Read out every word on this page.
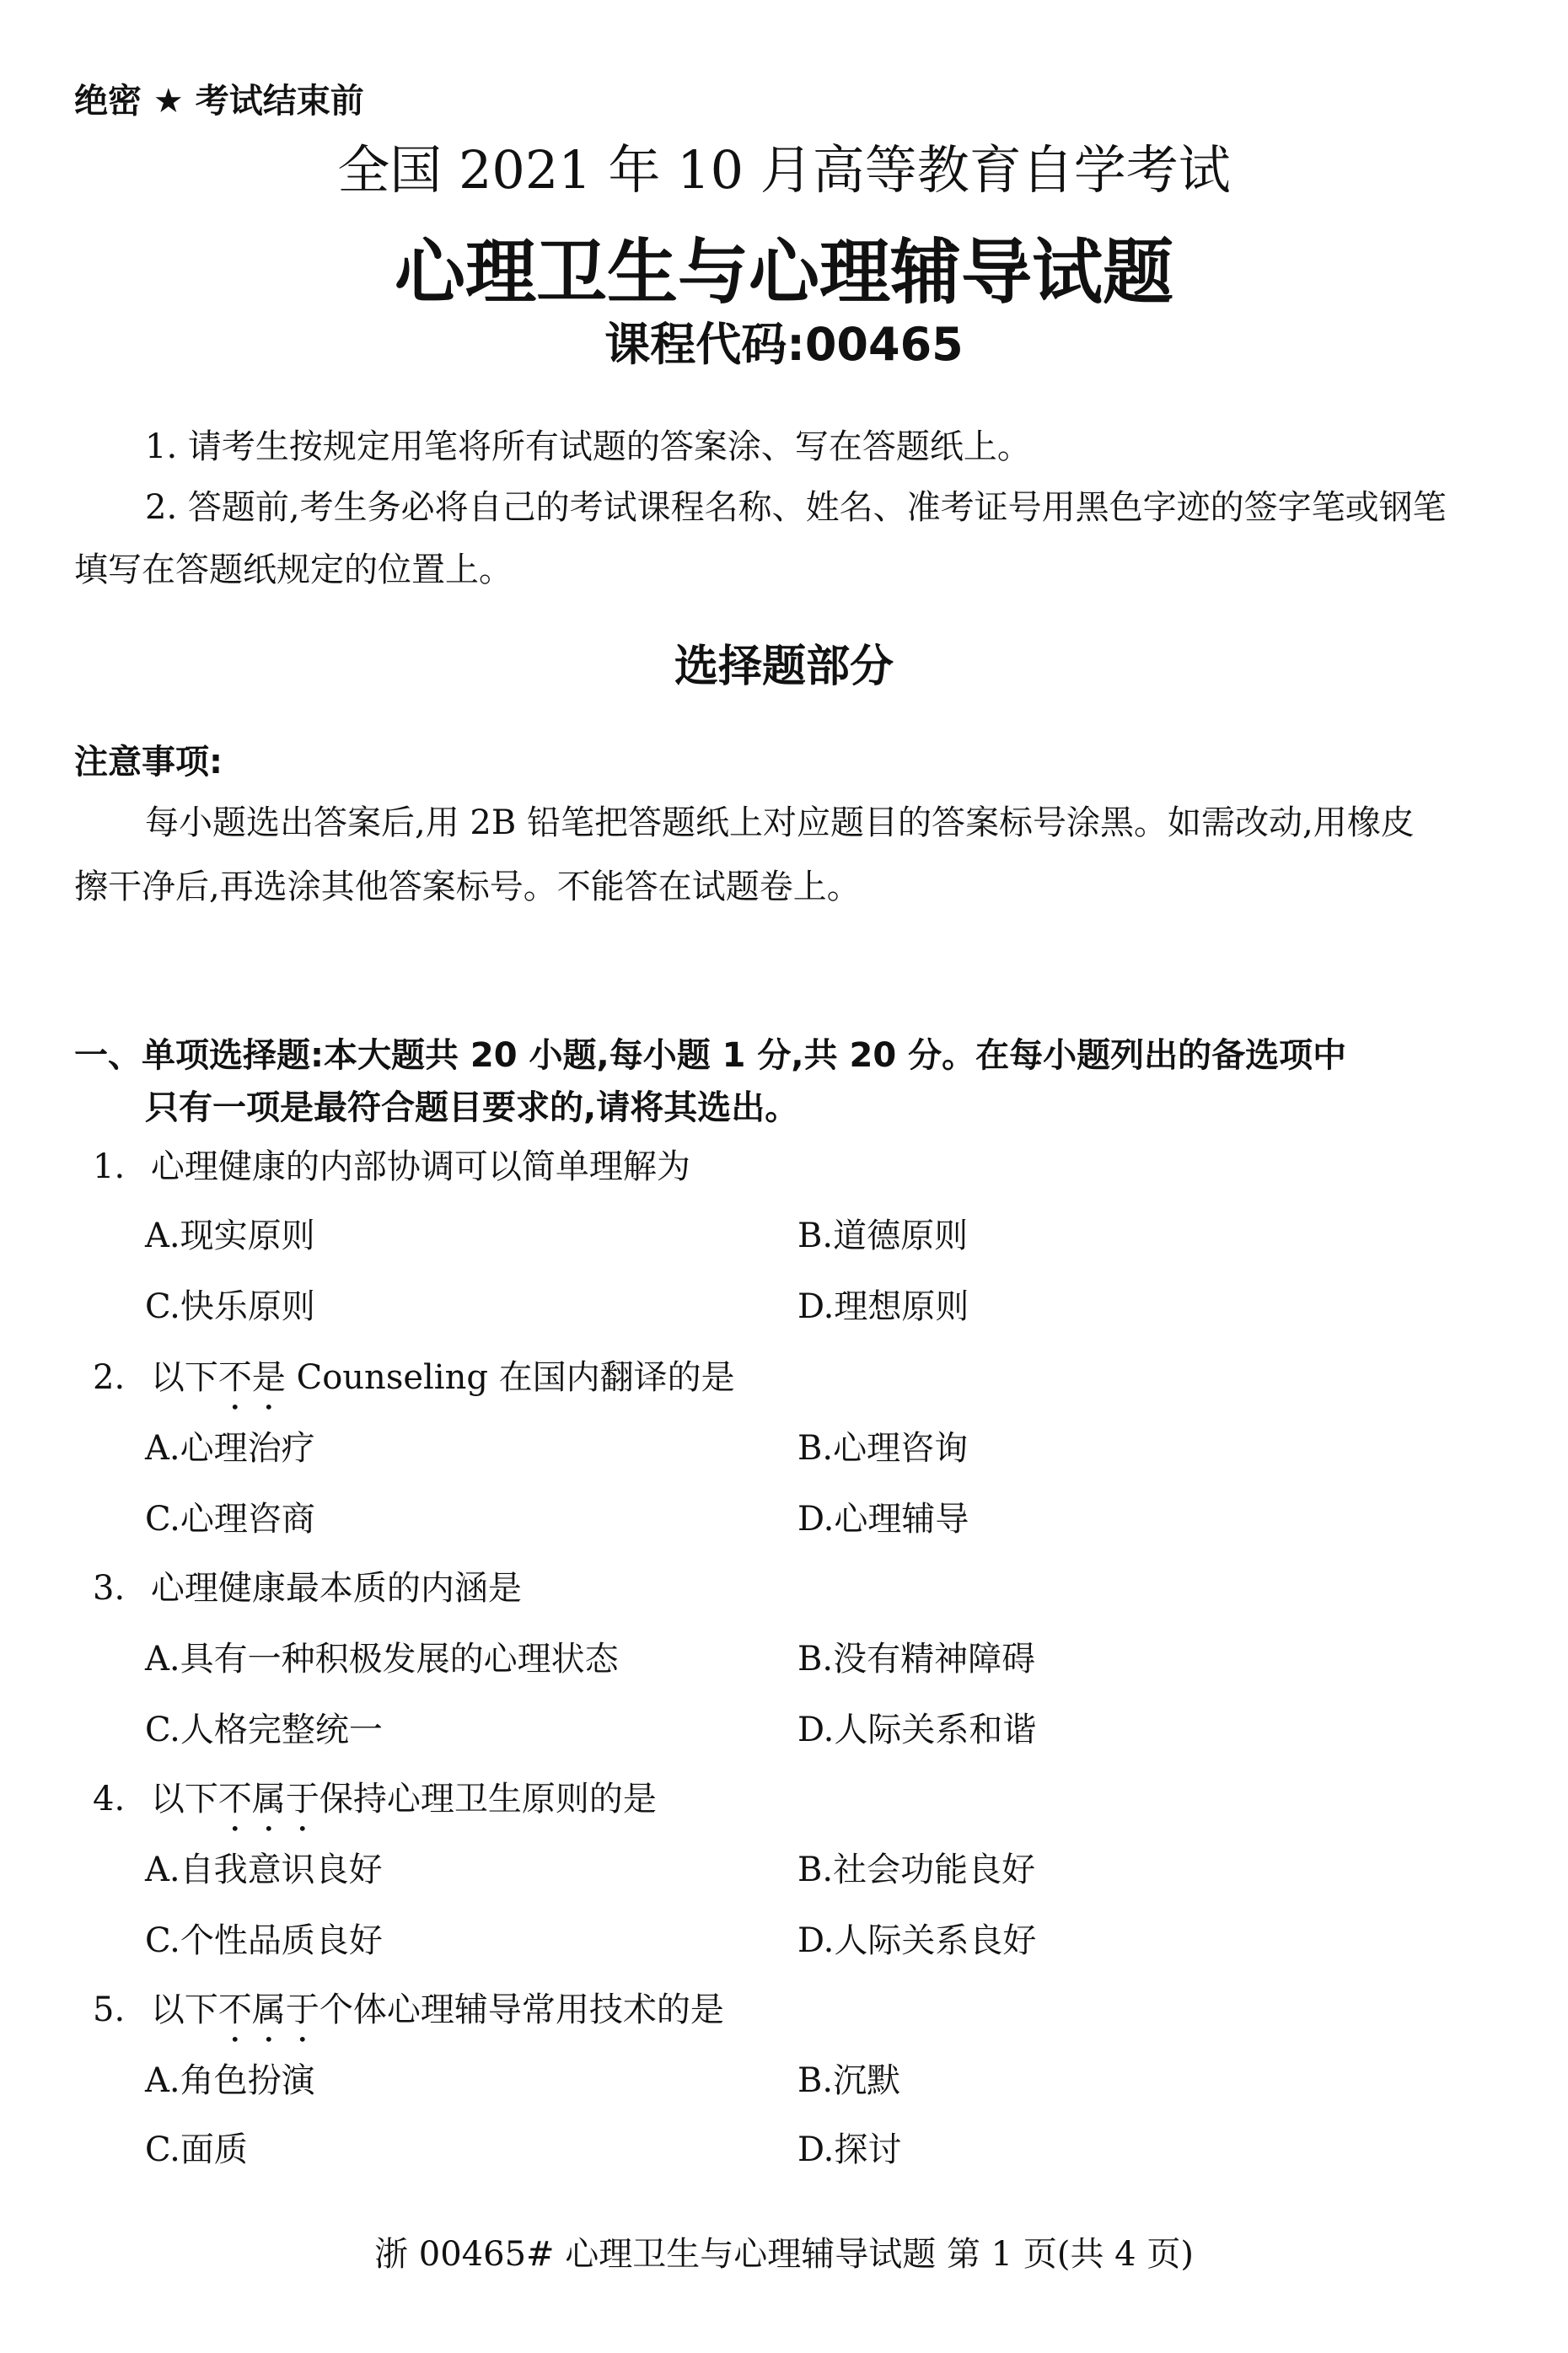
绝密 ★ 考试结束前
全国 2021 年 10 月高等教育自学考试
心理卫生与心理辅导试题
课程代码:00465
1. 请考生按规定用笔将所有试题的答案涂、写在答题纸上。
2. 答题前,考生务必将自己的考试课程名称、姓名、准考证号用黑色字迹的签字笔或钢笔
填写在答题纸规定的位置上。
选择题部分
注意事项:
每小题选出答案后,用 2B 铅笔把答题纸上对应题目的答案标号涂黑。如需改动,用橡皮
擦干净后,再选涂其他答案标号。不能答在试题卷上。
一、单项选择题:本大题共 20 小题,每小题 1 分,共 20 分。在每小题列出的备选项中
只有一项是最符合题目要求的,请将其选出。
1. 心理健康的内部协调可以简单理解为
A.现实原则	B.道德原则
C.快乐原则	D.理想原则
2. 以下不是 Counseling 在国内翻译的是
A.心理治疗	B.心理咨询
C.心理咨商	D.心理辅导
3. 心理健康最本质的内涵是
A.具有一种积极发展的心理状态	B.没有精神障碍
C.人格完整统一	D.人际关系和谐
4. 以下不属于保持心理卫生原则的是
A.自我意识良好	B.社会功能良好
C.个性品质良好	D.人际关系良好
5. 以下不属于个体心理辅导常用技术的是
A.角色扮演	B.沉默
C.面质	D.探讨
浙 00465# 心理卫生与心理辅导试题 第 1 页(共 4 页)
